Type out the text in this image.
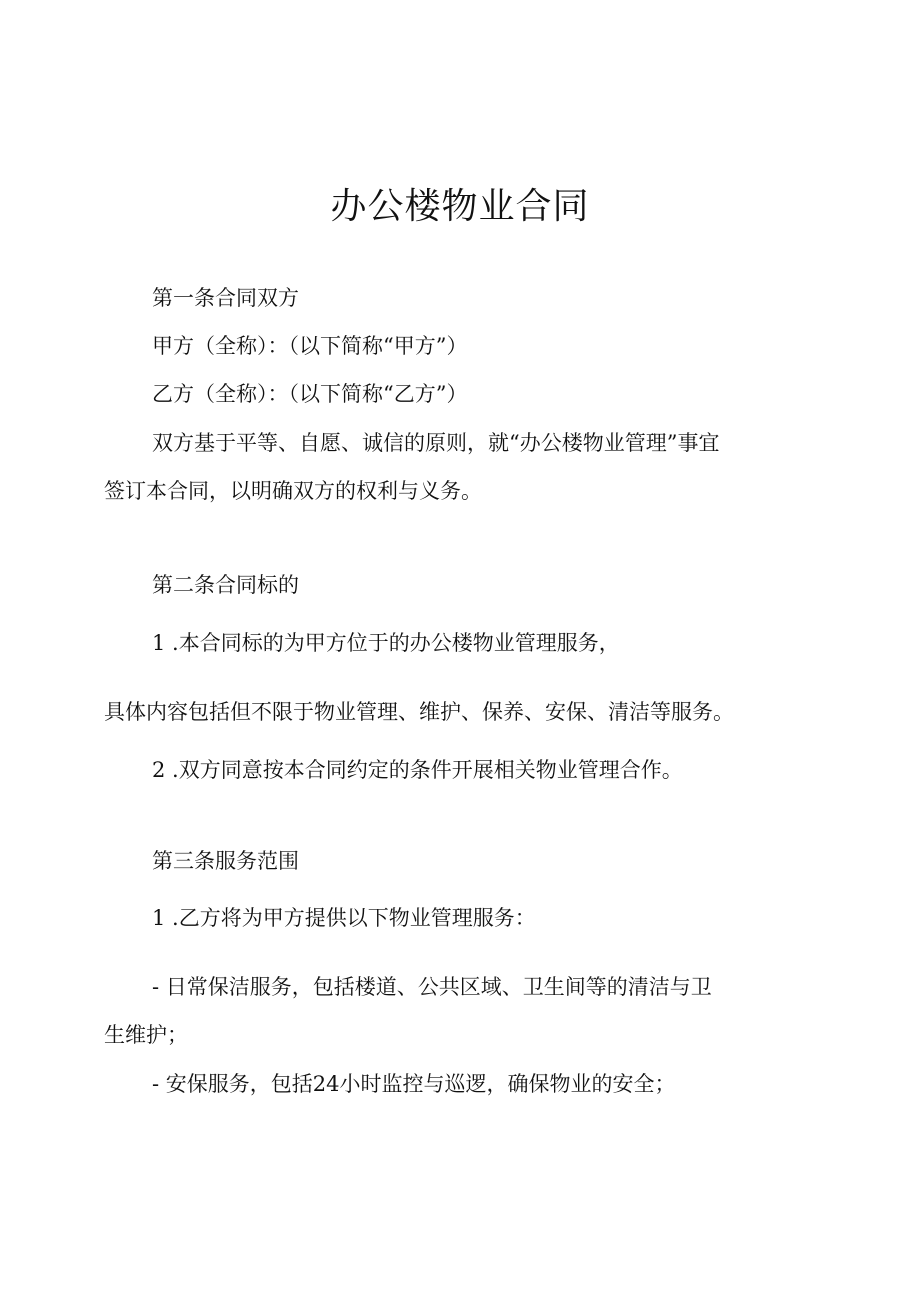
办公楼物业合同

第一条合同双方

甲方（全称）：（以下简称“甲方”）

乙方（全称）：（以下简称“乙方”）

双方基于平等、自愿、诚信的原则，就“办公楼物业管理”事宜

签订本合同，以明确双方的权利与义务。

第二条合同标的

1 .本合同标的为甲方位于的办公楼物业管理服务，

具体内容包括但不限于物业管理、维护、保养、安保、清洁等服务。

2 .双方同意按本合同约定的条件开展相关物业管理合作。

第三条服务范围

1 .乙方将为甲方提供以下物业管理服务：

- 日常保洁服务，包括楼道、公共区域、卫生间等的清洁与卫

生维护；

- 安保服务，包括24小时监控与巡逻，确保物业的安全；
